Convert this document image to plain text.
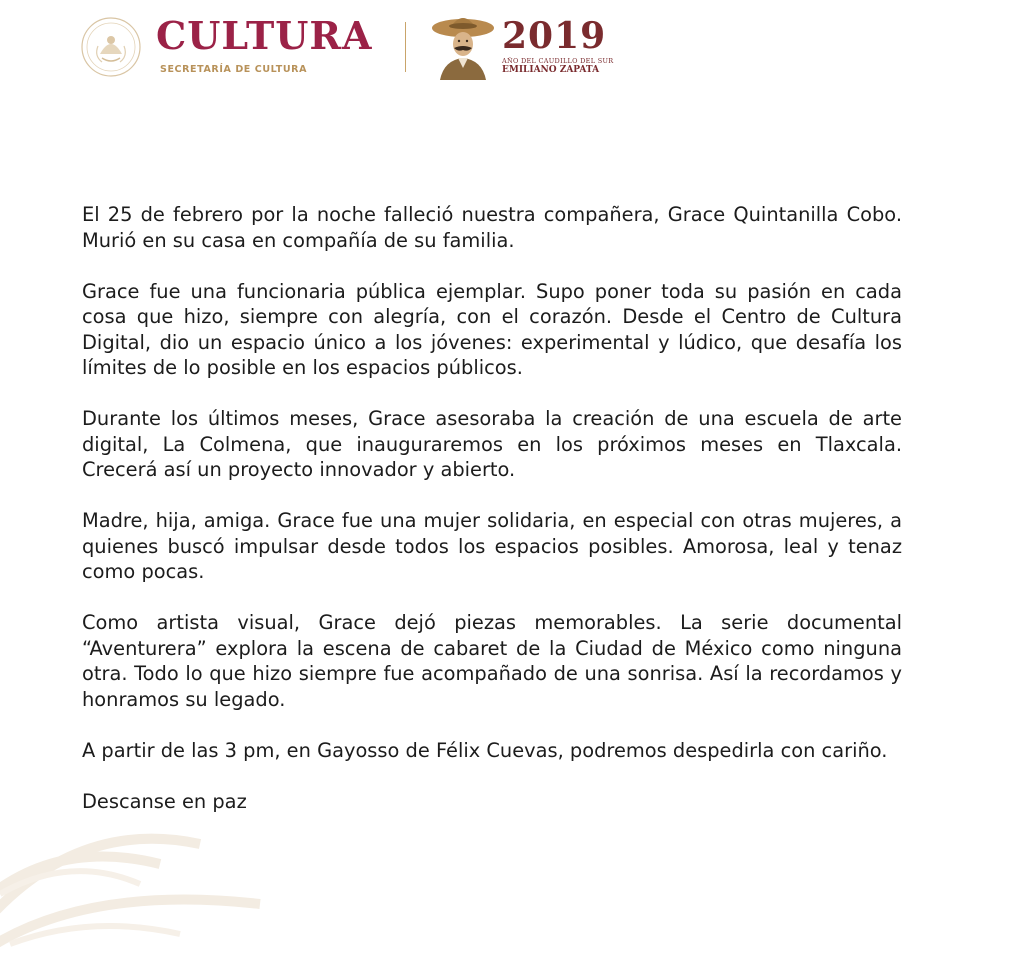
CULTURA
SECRETARÍA DE CULTURA
2019
AÑO DEL CAUDILLO DEL SUR
EMILIANO ZAPATA

El 25 de febrero por la noche falleció nuestra compañera, Grace Quintanilla Cobo. Murió en su casa en compañía de su familia.

Grace fue una funcionaria pública ejemplar. Supo poner toda su pasión en cada cosa que hizo, siempre con alegría, con el corazón. Desde el Centro de Cultura Digital, dio un espacio único a los jóvenes: experimental y lúdico, que desafía los límites de lo posible en los espacios públicos.

Durante los últimos meses, Grace asesoraba la creación de una escuela de arte digital, La Colmena, que inauguraremos en los próximos meses en Tlaxcala. Crecerá así un proyecto innovador y abierto.

Madre, hija, amiga. Grace fue una mujer solidaria, en especial con otras mujeres, a quienes buscó impulsar desde todos los espacios posibles. Amorosa, leal y tenaz como pocas.

Como artista visual, Grace dejó piezas memorables. La serie documental “Aventurera” explora la escena de cabaret de la Ciudad de México como ninguna otra. Todo lo que hizo siempre fue acompañado de una sonrisa. Así la recordamos y honramos su legado.

A partir de las 3 pm, en Gayosso de Félix Cuevas, podremos despedirla con cariño.

Descanse en paz
